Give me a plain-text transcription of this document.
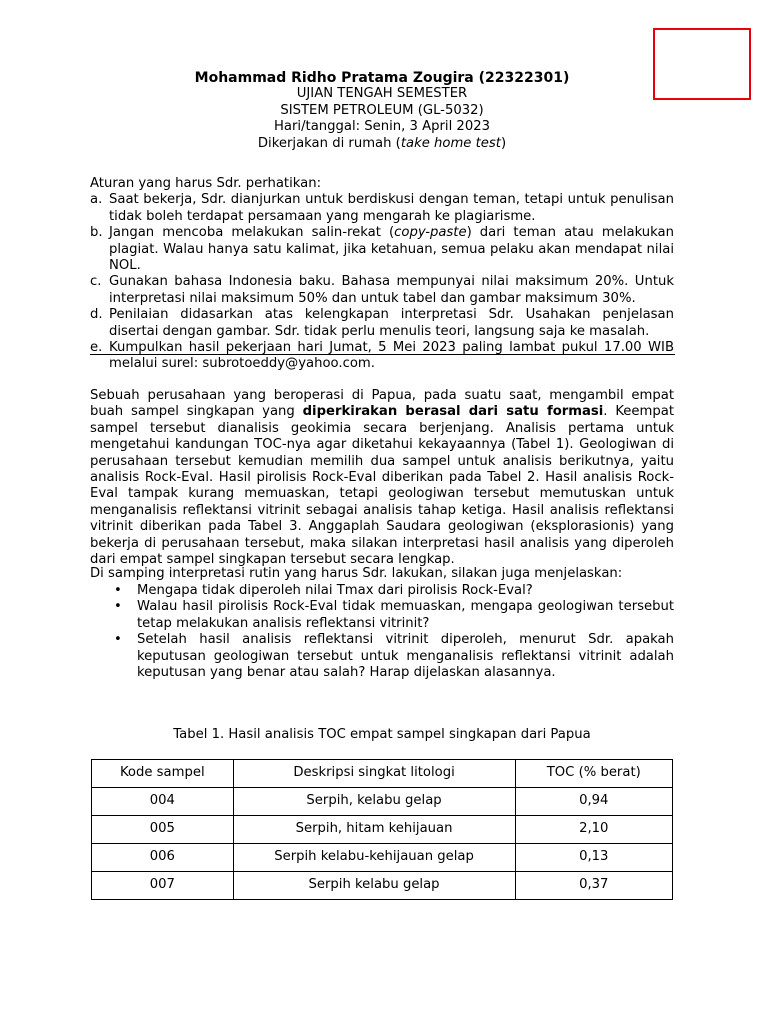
Mohammad Ridho Pratama Zougira (22322301)
UJIAN TENGAH SEMESTER
SISTEM PETROLEUM (GL-5032)
Hari/tanggal: Senin, 3 April 2023
Dikerjakan di rumah (take home test)
Aturan yang harus Sdr. perhatikan:
a. Saat bekerja, Sdr. dianjurkan untuk berdiskusi dengan teman, tetapi untuk penulisan tidak boleh terdapat persamaan yang mengarah ke plagiarisme.
b. Jangan mencoba melakukan salin-rekat (copy-paste) dari teman atau melakukan plagiat. Walau hanya satu kalimat, jika ketahuan, semua pelaku akan mendapat nilai NOL.
c. Gunakan bahasa Indonesia baku. Bahasa mempunyai nilai maksimum 20%. Untuk interpretasi nilai maksimum 50% dan untuk tabel dan gambar maksimum 30%.
d. Penilaian didasarkan atas kelengkapan interpretasi Sdr. Usahakan penjelasan disertai dengan gambar. Sdr. tidak perlu menulis teori, langsung saja ke masalah.
e. Kumpulkan hasil pekerjaan hari Jumat, 5 Mei 2023 paling lambat pukul 17.00 WIB melalui surel: subrotoeddy@yahoo.com.

Sebuah perusahaan yang beroperasi di Papua, pada suatu saat, mengambil empat buah sampel singkapan yang diperkirakan berasal dari satu formasi. Keempat sampel tersebut dianalisis geokimia secara berjenjang. Analisis pertama untuk mengetahui kandungan TOC-nya agar diketahui kekayaannya (Tabel 1). Geologiwan di perusahaan tersebut kemudian memilih dua sampel untuk analisis berikutnya, yaitu analisis Rock-Eval. Hasil pirolisis Rock-Eval diberikan pada Tabel 2. Hasil analisis Rock-Eval tampak kurang memuaskan, tetapi geologiwan tersebut memutuskan untuk menganalisis reflektansi vitrinit sebagai analisis tahap ketiga. Hasil analisis reflektansi vitrinit diberikan pada Tabel 3. Anggaplah Saudara geologiwan (eksplorasionis) yang bekerja di perusahaan tersebut, maka silakan interpretasi hasil analisis yang diperoleh dari empat sampel singkapan tersebut secara lengkap.

Di samping interpretasi rutin yang harus Sdr. lakukan, silakan juga menjelaskan:

• Mengapa tidak diperoleh nilai Tmax dari pirolisis Rock-Eval?
• Walau hasil pirolisis Rock-Eval tidak memuaskan, mengapa geologiwan tersebut tetap melakukan analisis reflektansi vitrinit?
• Setelah hasil analisis reflektansi vitrinit diperoleh, menurut Sdr. apakah keputusan geologiwan tersebut untuk menganalisis reflektansi vitrinit adalah keputusan yang benar atau salah? Harap dijelaskan alasannya.
Tabel 1. Hasil analisis TOC empat sampel singkapan dari Papua
Kode sampel	Deskripsi singkat litologi	TOC (% berat)
004	Serpih, kelabu gelap	0,94
005	Serpih, hitam kehijauan	2,10
006	Serpih kelabu-kehijauan gelap	0,13
007	Serpih kelabu gelap	0,37
